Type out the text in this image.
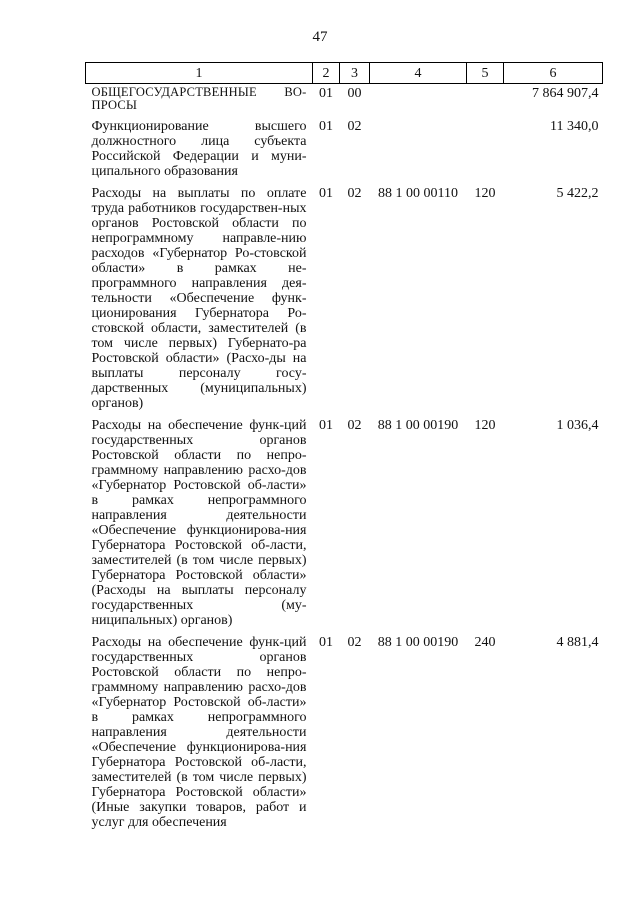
47
1	2	3	4	5	6
ОБЩЕГОСУДАРСТВЕННЫЕ ВО-ПРОСЫ	01	00			7 864 907,4
Функционирование высшего должностного лица субъекта Российской Федерации и муни-ципального образования	01	02			11 340,0
Расходы на выплаты по оплате труда работников государствен-ных органов Ростовской области по непрограммному направле-нию расходов «Губернатор Ро-стовской области» в рамках не-программного направления дея-тельности «Обеспечение функ-ционирования Губернатора Ро-стовской области, заместителей (в том числе первых) Губернато-ра Ростовской области» (Расхо-ды на выплаты персоналу госу-дарственных (муниципальных) органов)	01	02	88 1 00 00110	120	5 422,2
Расходы на обеспечение функ-ций государственных органов Ростовской области по непро-граммному направлению расхо-дов «Губернатор Ростовской об-ласти» в рамках непрограммного направления деятельности «Обеспечение функционирова-ния Губернатора Ростовской об-ласти, заместителей (в том числе первых) Губернатора Ростовской области» (Расходы на выплаты персоналу государственных (му-ниципальных) органов)	01	02	88 1 00 00190	120	1 036,4
Расходы на обеспечение функ-ций государственных органов Ростовской области по непро-граммному направлению расхо-дов «Губернатор Ростовской об-ласти» в рамках непрограммного направления деятельности «Обеспечение функционирова-ния Губернатора Ростовской об-ласти, заместителей (в том числе первых) Губернатора Ростовской области» (Иные закупки товаров, работ и услуг для обеспечения	01	02	88 1 00 00190	240	4 881,4
